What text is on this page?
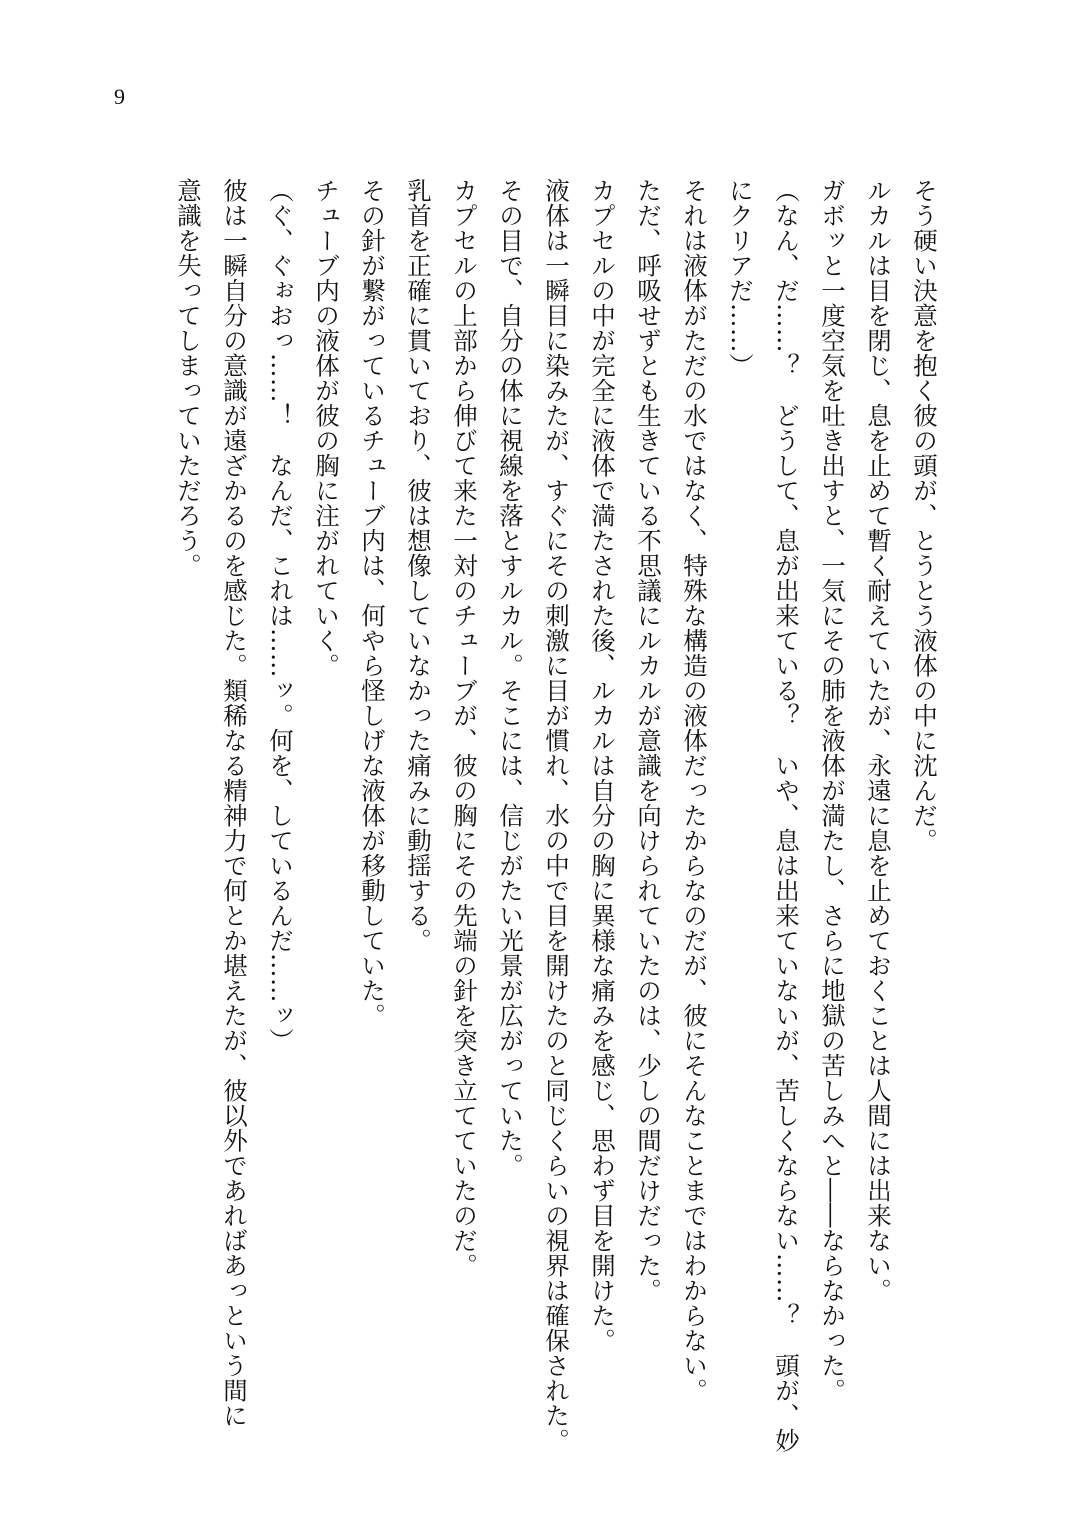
9
そう硬い決意を抱く彼の頭が、とうとう液体の中に沈んだ。
ルカルは目を閉じ、息を止めて暫く耐えていたが、永遠に息を止めておくことは人間には出来ない。
ガボッと一度空気を吐き出すと、一気にその肺を液体が満たし、さらに地獄の苦しみへと――ならなかった。
（なん、だ……？　どうして、息が出来ている？　いや、息は出来ていないが、苦しくならない……？　頭が、妙
にクリアだ……）
それは液体がただの水ではなく、特殊な構造の液体だったからなのだが、彼にそんなことまではわからない。
ただ、呼吸せずとも生きている不思議にルカルが意識を向けられていたのは、少しの間だけだった。
カプセルの中が完全に液体で満たされた後、ルカルは自分の胸に異様な痛みを感じ、思わず目を開けた。
液体は一瞬目に染みたが、すぐにその刺激に目が慣れ、水の中で目を開けたのと同じくらいの視界は確保された。
その目で、自分の体に視線を落とすルカル。そこには、信じがたい光景が広がっていた。
カプセルの上部から伸びて来た一対のチューブが、彼の胸にその先端の針を突き立てていたのだ。
乳首を正確に貫いており、彼は想像していなかった痛みに動揺する。
その針が繋がっているチューブ内は、何やら怪しげな液体が移動していた。
チューブ内の液体が彼の胸に注がれていく。
（ぐ、ぐぉおっ……！　なんだ、これは……ッ。何を、しているんだ……ッ）
彼は一瞬自分の意識が遠ざかるのを感じた。類稀なる精神力で何とか堪えたが、彼以外であればあっという間に
意識を失ってしまっていただろう。
